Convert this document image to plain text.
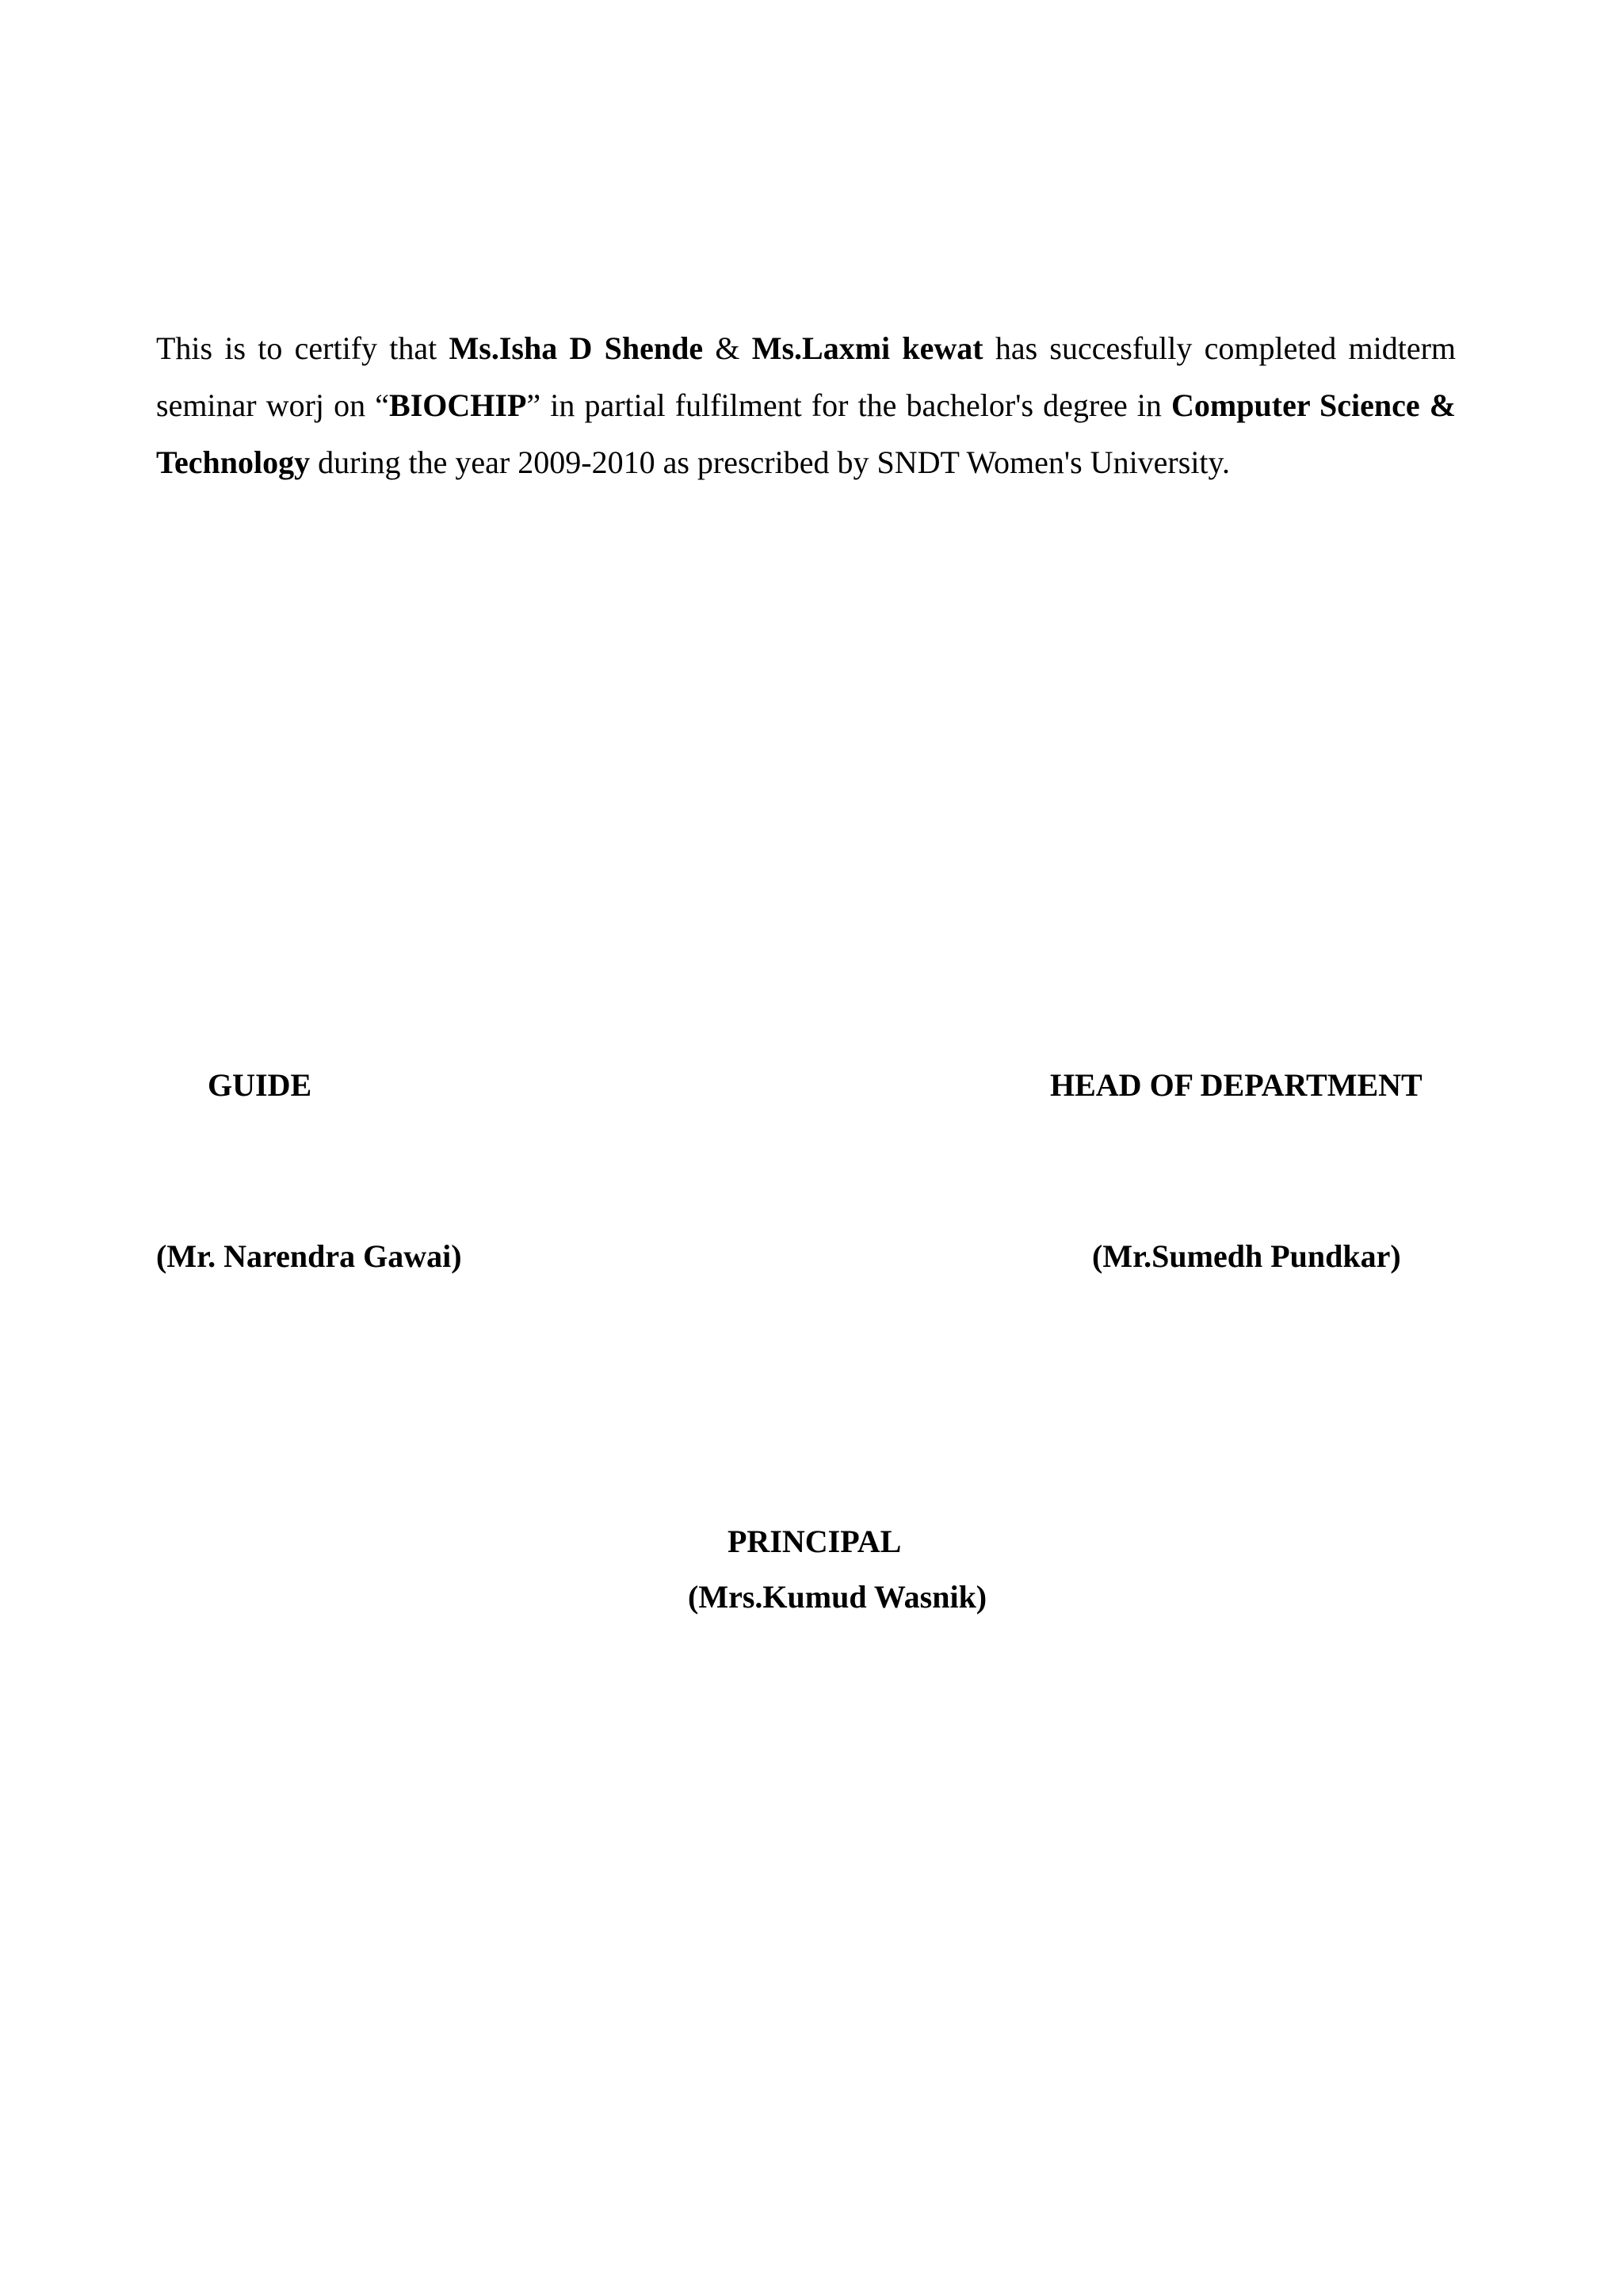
This is to certify that Ms.Isha D Shende & Ms.Laxmi kewat has succesfully completed midterm seminar worj on “BIOCHIP” in partial fulfilment for the bachelor's degree in Computer Science & Technology during the year 2009-2010 as prescribed by SNDT Women's University.

GUIDE	HEAD OF DEPARTMENT
(Mr. Narendra Gawai)	(Mr.Sumedh Pundkar)
PRINCIPAL
(Mrs.Kumud Wasnik)
